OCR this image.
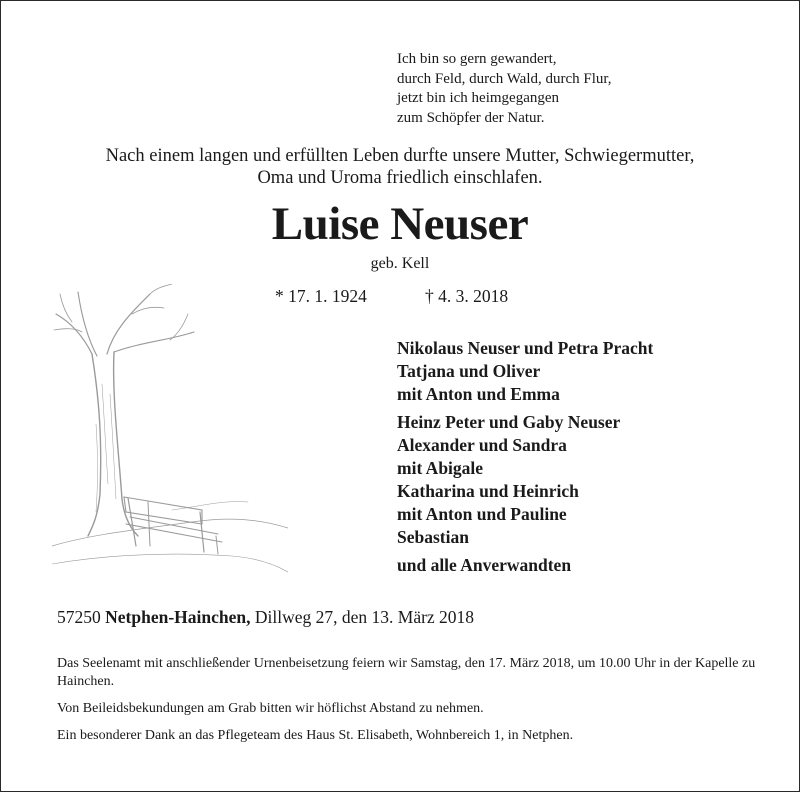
Ich bin so gern gewandert,
durch Feld, durch Wald, durch Flur,
jetzt bin ich heimgegangen
zum Schöpfer der Natur.
Nach einem langen und erfüllten Leben durfte unsere Mutter, Schwiegermutter,
Oma und Uroma friedlich einschlafen.
Luise Neuser
geb. Kell
* 17. 1. 1924	† 4. 3. 2018
Nikolaus Neuser und Petra Pracht
Tatjana und Oliver
mit Anton und Emma
Heinz Peter und Gaby Neuser
Alexander und Sandra
mit Abigale
Katharina und Heinrich
mit Anton und Pauline
Sebastian
und alle Anverwandten
57250 Netphen-Hainchen, Dillweg 27, den 13. März 2018

Das Seelenamt mit anschließender Urnenbeisetzung feiern wir Samstag, den 17. März 2018, um 10.00 Uhr in der Kapelle zu Hainchen.

Von Beileidsbekundungen am Grab bitten wir höflichst Abstand zu nehmen.

Ein besonderer Dank an das Pflegeteam des Haus St. Elisabeth, Wohnbereich 1, in Netphen.
